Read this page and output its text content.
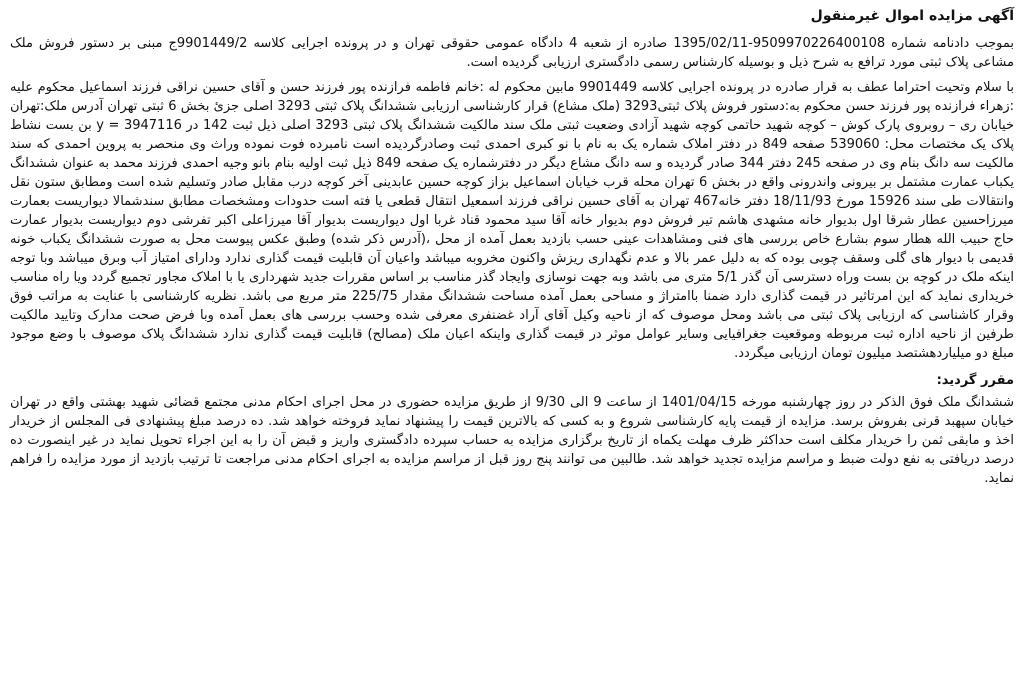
آگهی مزایده اموال غیرمنقول

بموجب دادنامه شماره 9509970226400108-1395/02/11 صادره از شعبه 4 دادگاه عمومی حقوقی تهران و در پرونده اجرایی کلاسه 9901449/2ج مبنی بر دستور فروش ملک مشاعی پلاک ثبتی مورد ترافع به شرح ذیل و بوسیله کارشناس رسمی دادگستری ارزیابی گردیده است.

با سلام وتحیت احتراما عطف به قرار صادره در پرونده اجرایی کلاسه 9901449 مابین محکوم له :خانم فاطمه فرازنده پور فرزند حسن و آقای حسین نراقی فرزند اسماعیل محکوم علیه :زهراء فرازنده پور فرزند حسن محکوم به:دستور فروش پلاک ثبتی3293 (ملک مشاع) قرار کارشناسی ارزیابی ششدانگ پلاک ثبتی 3293 اصلی جزئ بخش 6 ثبتی تهران آدرس ملک:تهران خیابان ری – روبروی پارک کوش – کوچه شهید حاتمی کوچه شهید آزادی وضعیت ثبتی ملک سند مالکیت ششدانگ پلاک ثبتی 3293 اصلی ذیل ثبت 142 در 3947116 = y بن بست نشاط پلاک یک مختصات محل: 539060 صفحه 849 در دفتر املاک شماره یک به نام با نو کبری احمدی ثبت وصادرگردیده است نامبرده فوت نموده وراث وی منحصر به پروین احمدی که سند مالکیت سه دانگ بنام وی در صفحه 245 دفتر 344 صادر گردیده و سه دانگ مشاع دیگر در دفترشماره یک صفحه 849 ذیل ثبت اولیه بنام بانو وجیه احمدی فرزند محمد به عنوان ششدانگ یکباب عمارت مشتمل بر بیرونی واندرونی واقع در بخش 6 تهران محله قرب خیابان اسماعیل بزاز کوچه حسین عابدینی آخر کوچه درب مقابل صادر وتسلیم شده است ومطابق ستون نقل وانتقالات طی سند 15926 مورخ 18/11/93 دفتر خانه467 تهران به آقای حسین نراقی فرزند اسمعیل انتقال قطعی یا فته است حدودات ومشخصات مطابق سندشمالا دیواریست بعمارت میرزاحسین عطار شرقا اول بدیوار خانه مشهدی هاشم تیر فروش دوم بدیوار خانه آقا سید محمود قناد غربا اول دیواریست بدیوار آقا میرزاعلی اکبر تفرشی دوم دیواریست بدیوار عمارت حاج حبیب الله هطار سوم بشارع خاص بررسی های فنی ومشاهدات عینی حسب بازدید بعمل آمده از محل ،(آدرس ذکر شده) وطبق عکس پیوست محل به صورت ششدانگ یکباب خونه قدیمی با دیوار های گلی وسقف چوبی بوده که به دلیل عمر بالا و عدم نگهداری ریزش واکنون مخروبه میباشد واعیان آن قابلیت قیمت گذاری ندارد ودارای امتیاز آب وبرق میباشد وبا توجه اینکه ملک در کوچه بن بست وراه دسترسی آن گذر 5/1 متری می باشد وبه جهت نوسازی وایجاد گذر مناسب بر اساس مقررات جدید شهرداری یا با املاک مجاور تجمیع گردد ویا راه مناسب خریداری نماید که این امرتاثیر در قیمت گذاری دارد ضمنا باامتراژ و مساحی بعمل آمده مساحت ششدانگ مقدار 225/75 متر مربع می باشد. نظریه کارشناسی با عنایت به مراتب فوق وقرار کاشناسی که ارزیابی پلاک ثبتی می باشد ومحل موصوف که از ناحیه وکیل آقای آراد غضنفری معرفی شده وحسب بررسی های بعمل آمده وبا فرض صحت مدارک وتایید مالکیت طرفین از ناحیه اداره ثبت مربوطه وموقعیت جغرافیایی وسایر عوامل موثر در قیمت گذاری واینکه اعیان ملک (مصالح) قابلیت قیمت گذاری ندارد ششدانگ پلاک موصوف با وضع موجود مبلغ دو میلیاردهشتصد میلیون تومان ارزیابی میگردد.

مقرر گردید:

ششدانگ ملک فوق الذکر در روز چهارشنبه مورخه 1401/04/15 از ساعت 9 الی 9/30 از طریق مزایده حضوری در محل اجرای احکام مدنی مجتمع قضائی شهید بهشتی واقع در تهران خیابان سپهبد قرنی بفروش برسد. مزایده از قیمت پایه کارشناسی شروع و به کسی که بالاترین قیمت را پیشنهاد نماید فروخته خواهد شد. ده درصد مبلغ پیشنهادی فی المجلس از خریدار اخذ و مابقی ثمن را خریدار مکلف است حداکثر ظرف مهلت یکماه از تاریخ برگزاری مزایده به حساب سپرده دادگستری واریز و قبض آن را به این اجراء تحویل نماید در غیر اینصورت ده درصد دریافتی به نفع دولت ضبط و مراسم مزایده تجدید خواهد شد. طالبین می توانند پنج روز قبل از مراسم مزایده به اجرای احکام مدنی مراجعت تا ترتیب بازدید از مورد مزایده را فراهم نماید.
